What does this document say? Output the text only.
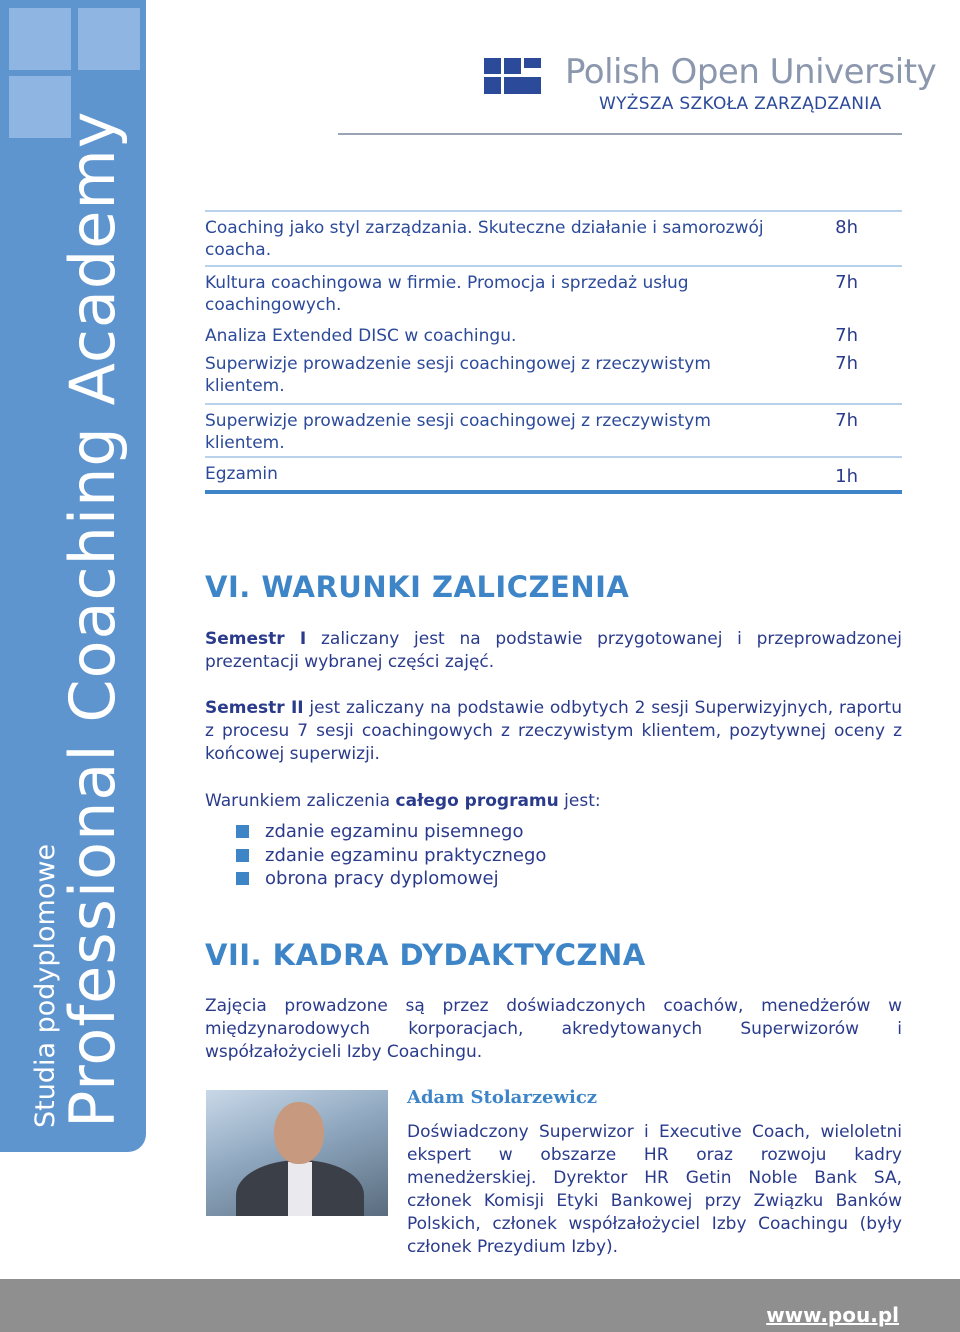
Professional Coaching Academy
Studia podyplomowe
Polish Open University
WYŻSZA SZKOŁA ZARZĄDZANIA
Coaching jako styl zarządzania. Skuteczne działanie i samorozwój coacha.
8h
Kultura coachingowa w firmie. Promocja i sprzedaż usług coachingowych.
7h
Analiza Extended DISC w coachingu.	7h
Superwizje prowadzenie sesji coachingowej z rzeczywistym klientem.
7h
Superwizje prowadzenie sesji coachingowej z rzeczywistym klientem.
7h
Egzamin	1h
VI. WARUNKI ZALICZENIA
Semestr I zaliczany jest na podstawie przygotowanej i przeprowadzonej prezentacji wybranej części zajęć.
Semestr II jest zaliczany na podstawie odbytych 2 sesji Superwizyjnych, raportu z procesu 7 sesji coachingowych z rzeczywistym klientem, pozytywnej oceny z końcowej superwizji.
Warunkiem zaliczenia całego programu jest:
zdanie egzaminu pisemnego
zdanie egzaminu praktycznego
obrona pracy dyplomowej
VII. KADRA DYDAKTYCZNA
Zajęcia prowadzone są przez doświadczonych coachów, menedżerów w międzynarodowych korporacjach, akredytowanych Superwizorów i współzałożycieli Izby Coachingu.
Adam Stolarzewicz
Doświadczony Superwizor i Executive Coach, wieloletni ekspert w obszarze HR oraz rozwoju kadry menedżerskiej. Dyrektor HR Getin Noble Bank SA, członek Komisji Etyki Bankowej przy Związku Banków Polskich, członek współzałożyciel Izby Coachingu (były członek Prezydium Izby).
www.pou.pl
